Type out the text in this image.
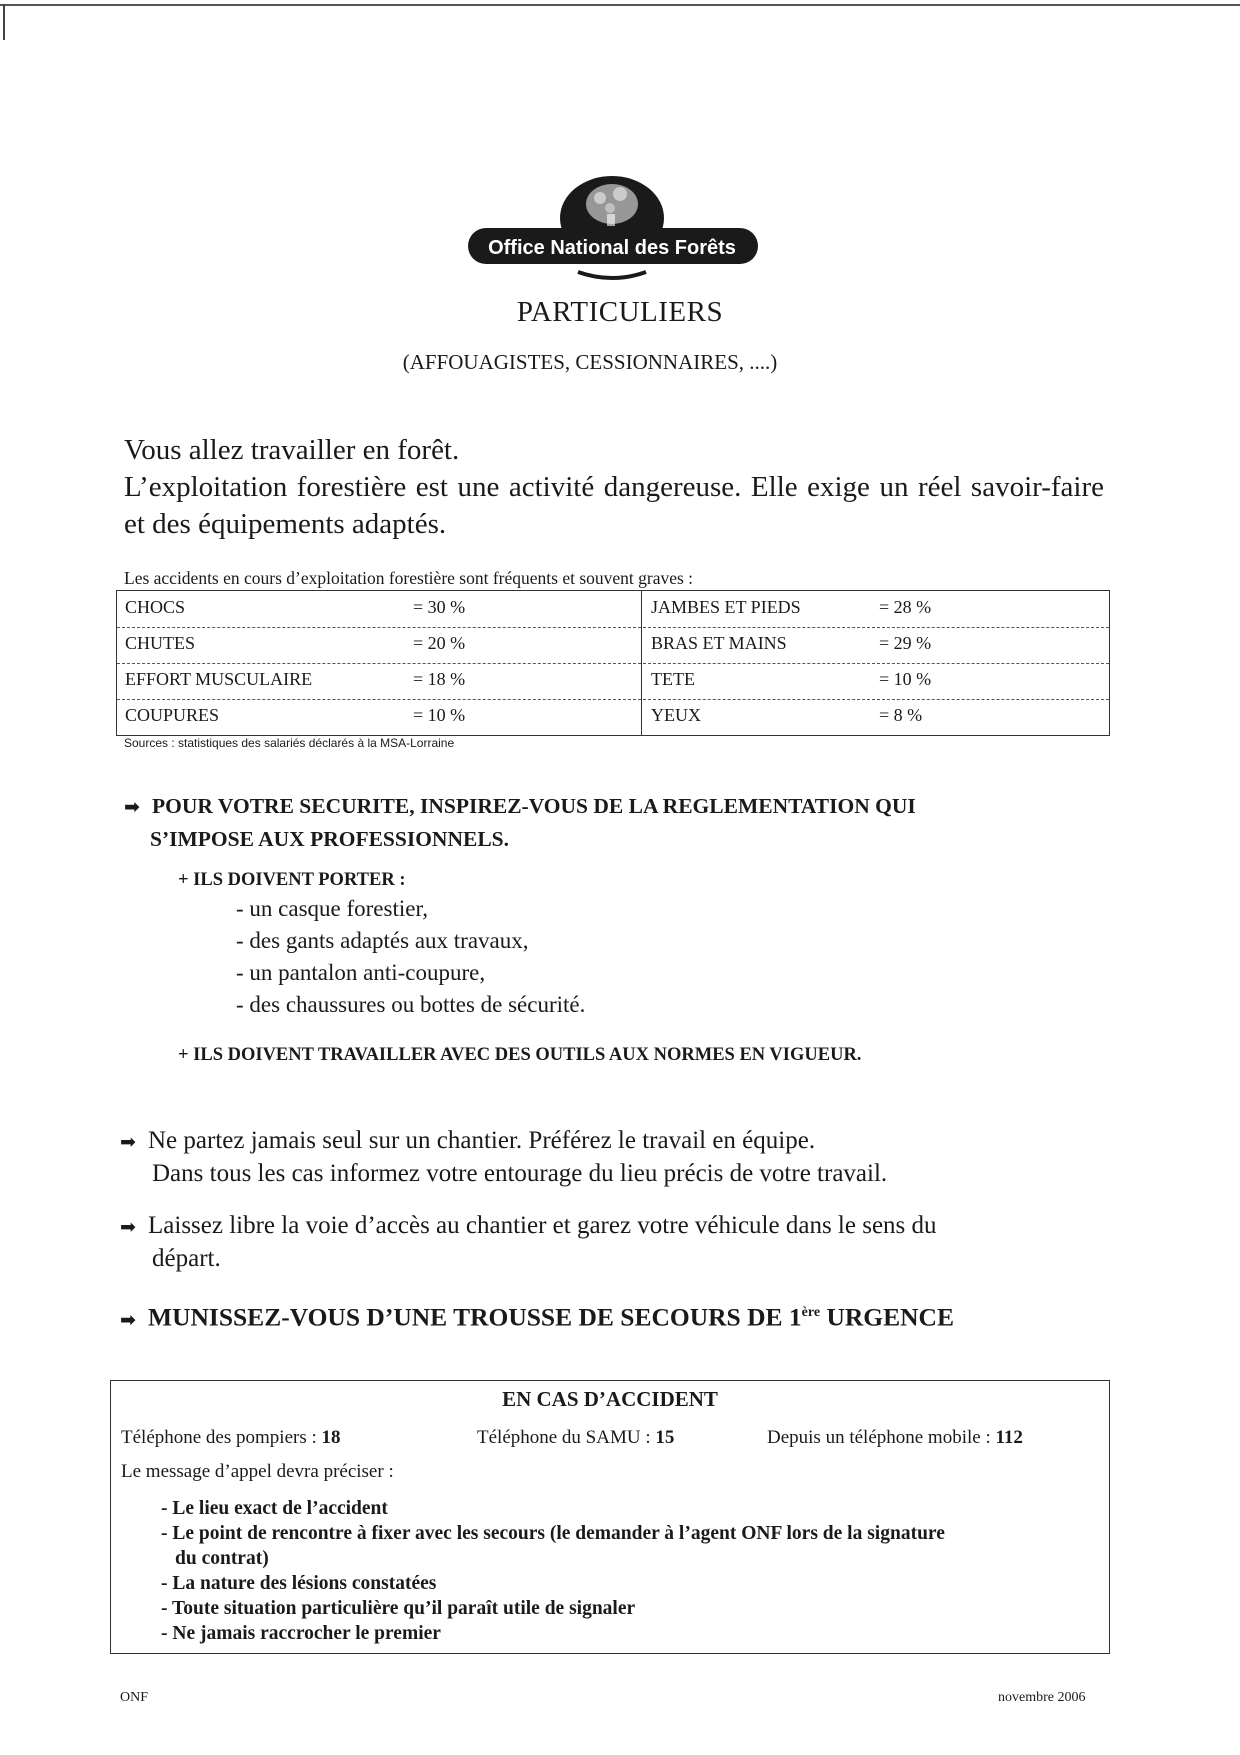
Office National des Forêts
PARTICULIERS
(AFFOUAGISTES, CESSIONNAIRES, ....)

Vous allez travailler en forêt.

L’exploitation forestière est une activité dangereuse. Elle exige un réel savoir-faire et des équipements adaptés.

Les accidents en cours d’exploitation forestière sont fréquents et souvent graves :
CHOCS	= 30 %
CHUTES	= 20 %
EFFORT MUSCULAIRE	= 18 %
COUPURES	= 10 %
JAMBES ET PIEDS	= 28 %
BRAS ET MAINS	= 29 %
TETE	= 10 %
YEUX	= 8 %
Sources : statistiques des salariés déclarés à la MSA-Lorraine
➡ POUR VOTRE SECURITE, INSPIREZ-VOUS DE LA REGLEMENTATION QUI
S’IMPOSE AUX PROFESSIONNELS.
+ ILS DOIVENT PORTER :
- un casque forestier,
- des gants adaptés aux travaux,
- un pantalon anti-coupure,
- des chaussures ou bottes de sécurité.
+ ILS DOIVENT TRAVAILLER AVEC DES OUTILS AUX NORMES EN VIGUEUR.
➡ Ne partez jamais seul sur un chantier. Préférez le travail en équipe.
Dans tous les cas informez votre entourage du lieu précis de votre travail.
➡ Laissez libre la voie d’accès au chantier et garez votre véhicule dans le sens du
départ.
➡ MUNISSEZ-VOUS D’UNE TROUSSE DE SECOURS DE 1ère URGENCE
EN CAS D’ACCIDENT
Téléphone des pompiers : 18	Téléphone du SAMU : 15	Depuis un téléphone mobile : 112
Le message d’appel devra préciser :
- Le lieu exact de l’accident
- Le point de rencontre à fixer avec les secours (le demander à l’agent ONF lors de la signature
du contrat)
- La nature des lésions constatées
- Toute situation particulière qu’il paraît utile de signaler
- Ne jamais raccrocher le premier
ONF	novembre 2006
